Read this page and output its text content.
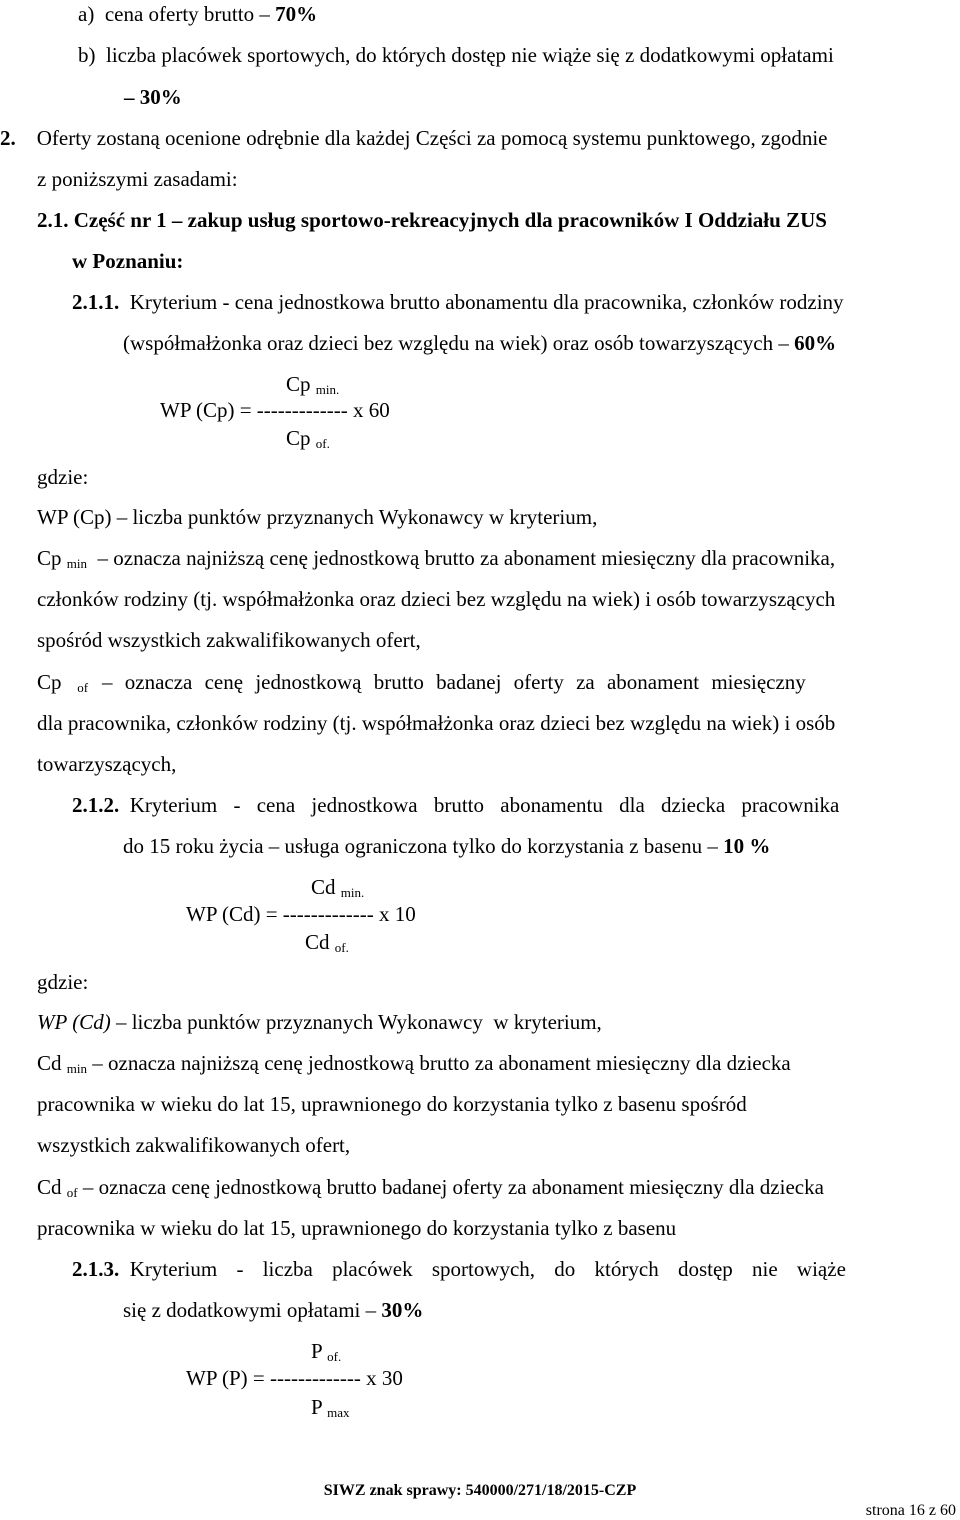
a)  cena oferty brutto – 70%
b)  liczba placówek sportowych, do których dostęp nie wiąże się z dodatkowymi opłatami
– 30%
2. Oferty zostaną ocenione odrębnie dla każdej Części za pomocą systemu punktowego, zgodnie
z poniższymi zasadami:
2.1. Część nr 1 – zakup usług sportowo-rekreacyjnych dla pracowników I Oddziału ZUS
w Poznaniu:
2.1.1. Kryterium - cena jednostkowa brutto abonamentu dla pracownika, członków rodziny
(współmałżonka oraz dzieci bez względu na wiek) oraz osób towarzyszących – 60%
Cp $_{min.}$
WP (Cp) = ------------- x 60
Cp $_{of.}$
gdzie:
WP (Cp) – liczba punktów przyznanych Wykonawcy w kryterium,
Cp $_{min}$ – oznacza najniższą cenę jednostkową brutto za abonament miesięczny dla pracownika,
członków rodziny (tj. współmałżonka oraz dzieci bez względu na wiek) i osób towarzyszących
spośród wszystkich zakwalifikowanych ofert,
Cp $_{of}$ – oznacza cenę jednostkową brutto badanej oferty za abonament miesięczny
dla pracownika, członków rodziny (tj. współmałżonka oraz dzieci bez względu na wiek) i osób
towarzyszących,
2.1.2. Kryterium - cena jednostkowa brutto abonamentu dla dziecka pracownika
do 15 roku życia – usługa ograniczona tylko do korzystania z basenu – 10 %
Cd $_{min.}$
WP (Cd) = ------------- x 10
Cd $_{of.}$
gdzie:
WP (Cd) – liczba punktów przyznanych Wykonawcy  w kryterium,
Cd $_{min}$ – oznacza najniższą cenę jednostkową brutto za abonament miesięczny dla dziecka
pracownika w wieku do lat 15, uprawnionego do korzystania tylko z basenu spośród
wszystkich zakwalifikowanych ofert,
Cd $_{of}$ – oznacza cenę jednostkową brutto badanej oferty za abonament miesięczny dla dziecka
pracownika w wieku do lat 15, uprawnionego do korzystania tylko z basenu
2.1.3. Kryterium - liczba placówek sportowych, do których dostęp nie wiąże
się z dodatkowymi opłatami – 30%
P $_{of.}$
WP (P) = ------------- x 30
P $_{max}$
SIWZ znak sprawy: 540000/271/18/2015-CZP
strona 16 z 60
